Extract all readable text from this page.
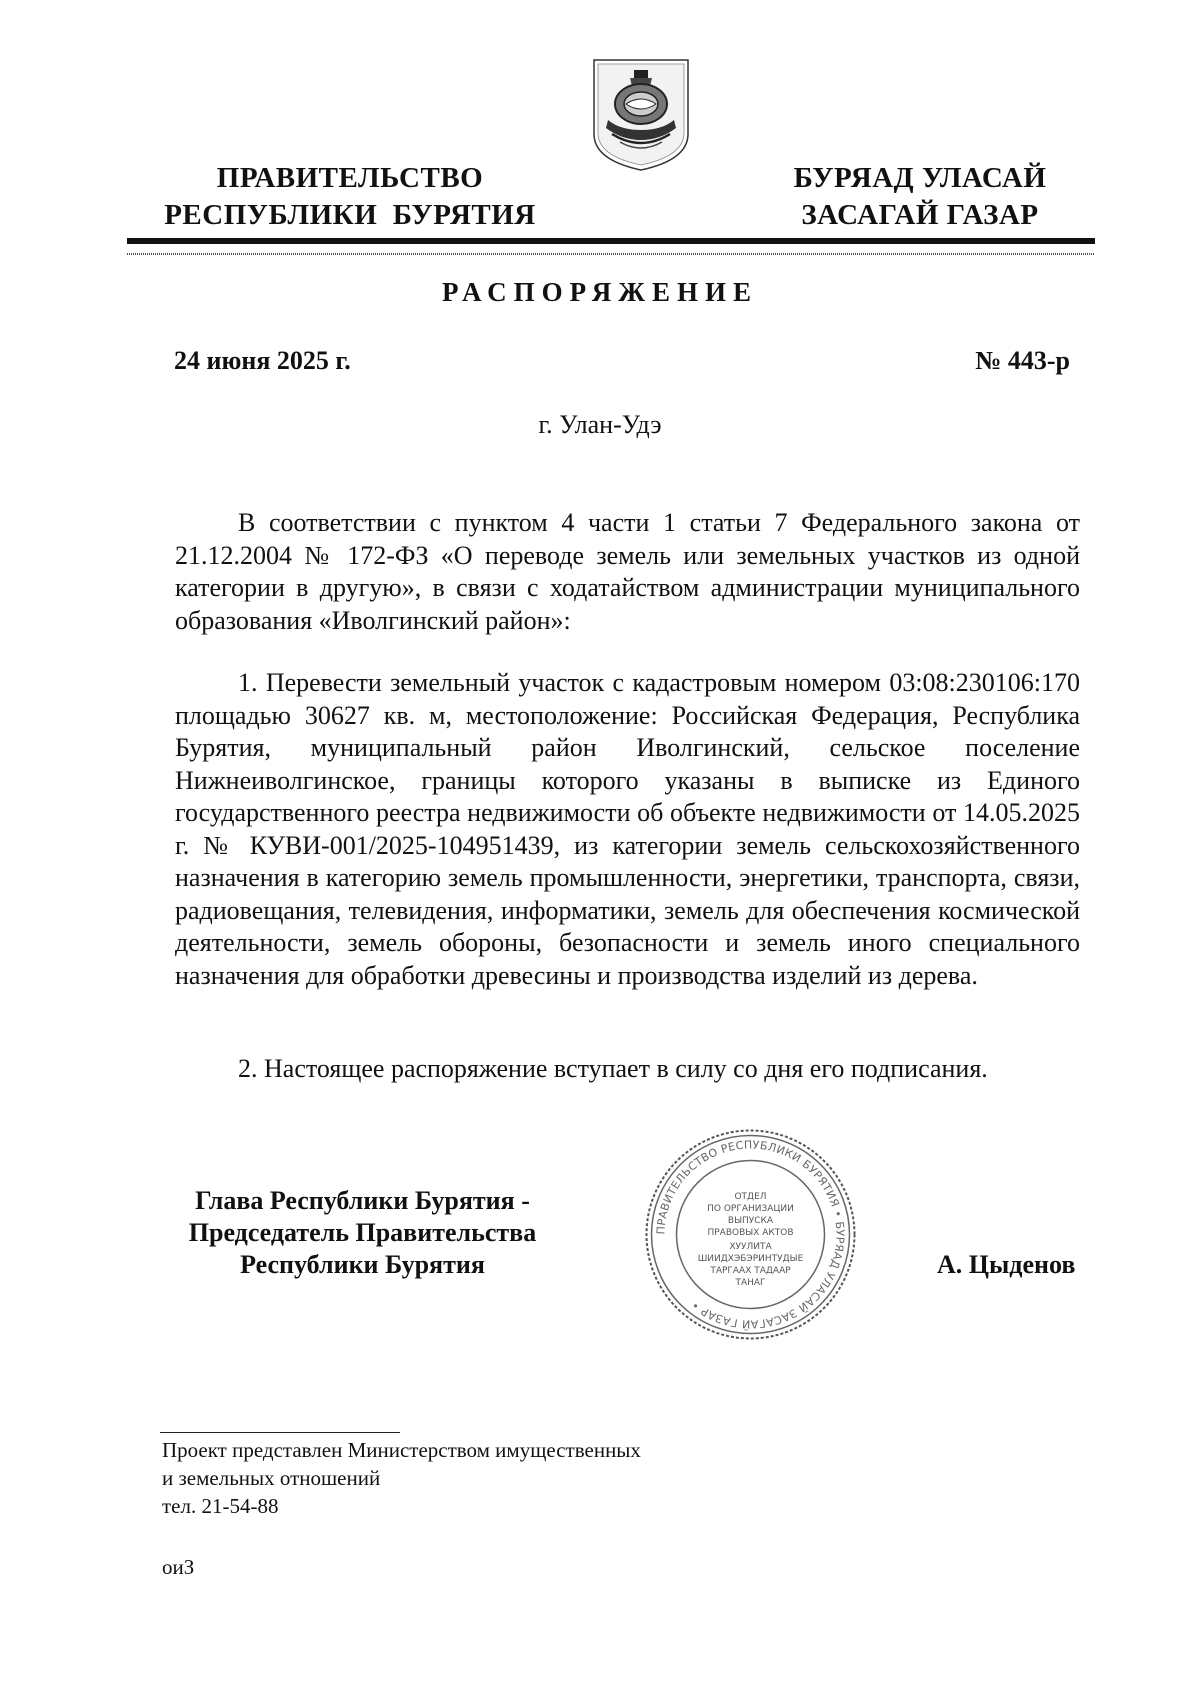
ПРАВИТЕЛЬСТВО
РЕСПУБЛИКИ  БУРЯТИЯ
БУРЯАД УЛАСАЙ
ЗАСАГАЙ ГАЗАР
РАСПОРЯЖЕНИЕ
24 июня 2025 г.	№ 443-р
г. Улан-Удэ

В соответствии с пунктом 4 части 1 статьи 7 Федерального закона от 21.12.2004 № 172-ФЗ «О переводе земель или земельных участков из одной категории в другую», в связи с ходатайством администрации муниципального образования «Иволгинский район»:

1. Перевести земельный участок с кадастровым номером 03:08:230106:170 площадью 30627 кв. м, местоположение: Российская Федерация, Республика Бурятия, муниципальный район Иволгинский, сельское поселение Нижнеиволгинское, границы которого указаны в выписке из Единого государственного реестра недвижимости об объекте недвижимости от 14.05.2025 г. № КУВИ-001/2025-104951439, из категории земель сельскохозяйственного назначения в категорию земель промышленности, энергетики, транспорта, связи, радиовещания, телевидения, информатики, земель для обеспечения космической деятельности, земель обороны, безопасности и земель иного специального назначения для обработки древесины и производства изделий из дерева.

2. Настоящее распоряжение вступает в силу со дня его подписания.

Глава Республики Бурятия -
Председатель Правительства
Республики Бурятия	А. Цыденов
ПРАВИТЕЛЬСТВО РЕСПУБЛИКИ БУРЯТИЯ • БУРЯАД УЛАСАЙ ЗАСАГАЙ ГАЗАР •
ОТДЕЛ
ПО ОРГАНИЗАЦИИ
ВЫПУСКА
ПРАВОВЫХ АКТОВ
ХУУЛИТА
ШИИДХЭБЭРИНТУДЫЕ
ТАРГААХ ТАДААР
ТАНАГ
Проект представлен Министерством имущественных
и земельных отношений
тел. 21-54-88
оиЗ
